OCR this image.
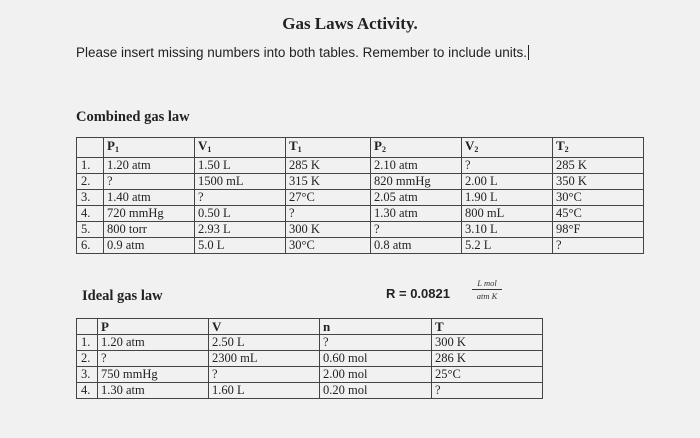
Gas Laws Activity.
Please insert missing numbers into both tables. Remember to include units.
Combined gas law
	$P_1$	$V_1$	$T_1$	$P_2$	$V_2$	$T_2$
1.	1.20 atm	1.50 L	285 K	2.10 atm	?	285 K
2.	?	1500 mL	315 K	820 mmHg	2.00 L	350 K
3.	1.40 atm	?	27°C	2.05 atm	1.90 L	30°C
4.	720 mmHg	0.50 L	?	1.30 atm	800 mL	45°C
5.	800 torr	2.93 L	300 K	?	3.10 L	98°F
6.	0.9 atm	5.0 L	30°C	0.8 atm	5.2 L	?
Ideal gas law	R = 0.0821
L mol
atm K
	P	V	n	T
1.	1.20 atm	2.50 L	?	300 K
2.	?	2300 mL	0.60 mol	286 K
3.	750 mmHg	?	2.00 mol	25°C
4.	1.30 atm	1.60 L	0.20 mol	?
